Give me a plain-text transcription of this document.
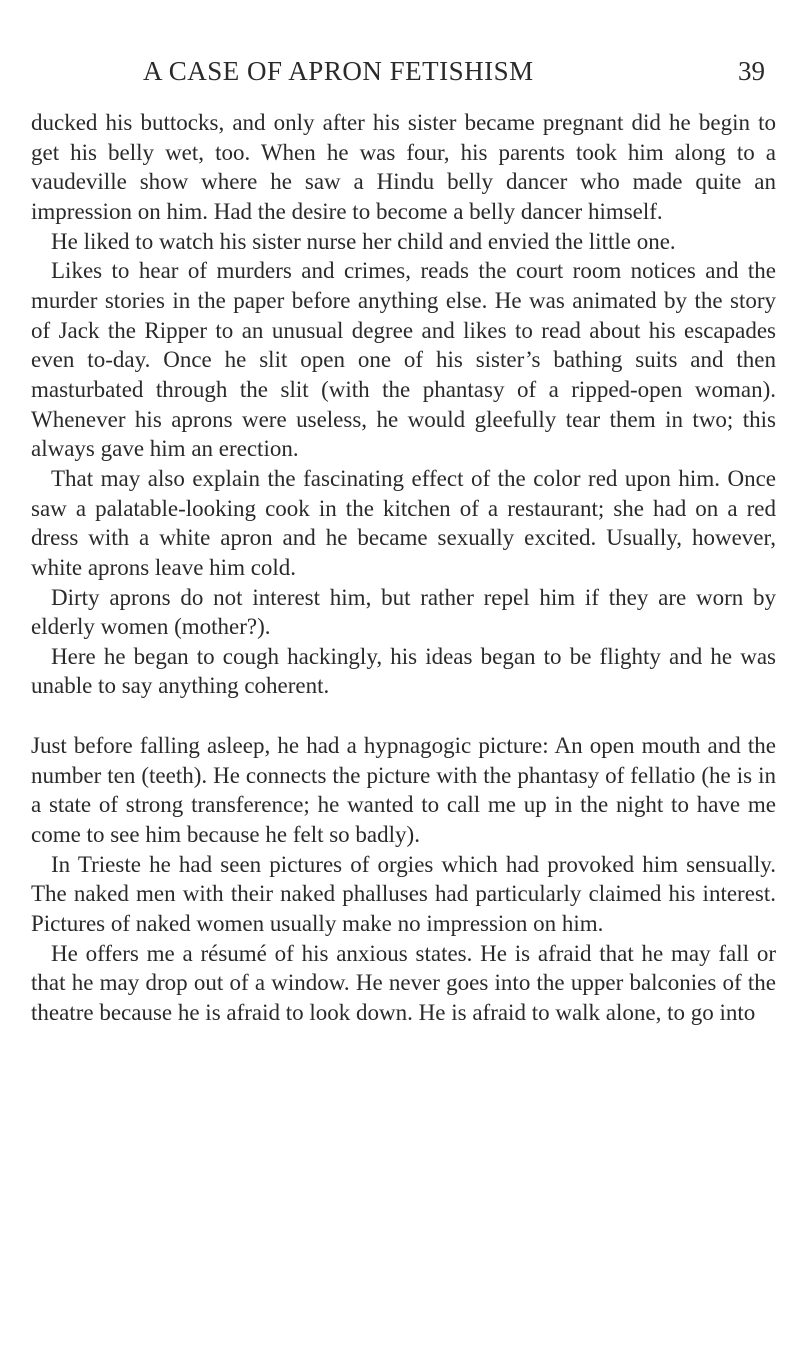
A CASE OF APRON FETISHISM	39

ducked his buttocks, and only after his sister became pregnant did he begin to get his belly wet, too. When he was four, his parents took him along to a vaudeville show where he saw a Hindu belly dancer who made quite an impression on him. Had the desire to become a belly dancer himself.

He liked to watch his sister nurse her child and envied the little one.

Likes to hear of murders and crimes, reads the court room notices and the murder stories in the paper before anything else. He was animated by the story of Jack the Ripper to an unusual degree and likes to read about his escapades even to-day. Once he slit open one of his sister’s bathing suits and then masturbated through the slit (with the phantasy of a ripped-open woman). Whenever his aprons were useless, he would gleefully tear them in two; this always gave him an erection.

That may also explain the fascinating effect of the color red upon him. Once saw a palatable-looking cook in the kitchen of a restaurant; she had on a red dress with a white apron and he became sexually excited. Usually, however, white aprons leave him cold.

Dirty aprons do not interest him, but rather repel him if they are worn by elderly women (mother?).

Here he began to cough hackingly, his ideas began to be flighty and he was unable to say anything coherent.

Just before falling asleep, he had a hypnagogic picture: An open mouth and the number ten (teeth). He connects the picture with the phantasy of fellatio (he is in a state of strong transference; he wanted to call me up in the night to have me come to see him because he felt so badly).

In Trieste he had seen pictures of orgies which had provoked him sensually. The naked men with their naked phalluses had particularly claimed his interest. Pictures of naked women usually make no impression on him.

He offers me a résumé of his anxious states. He is afraid that he may fall or that he may drop out of a window. He never goes into the upper balconies of the theatre because he is afraid to look down. He is afraid to walk alone, to go into
